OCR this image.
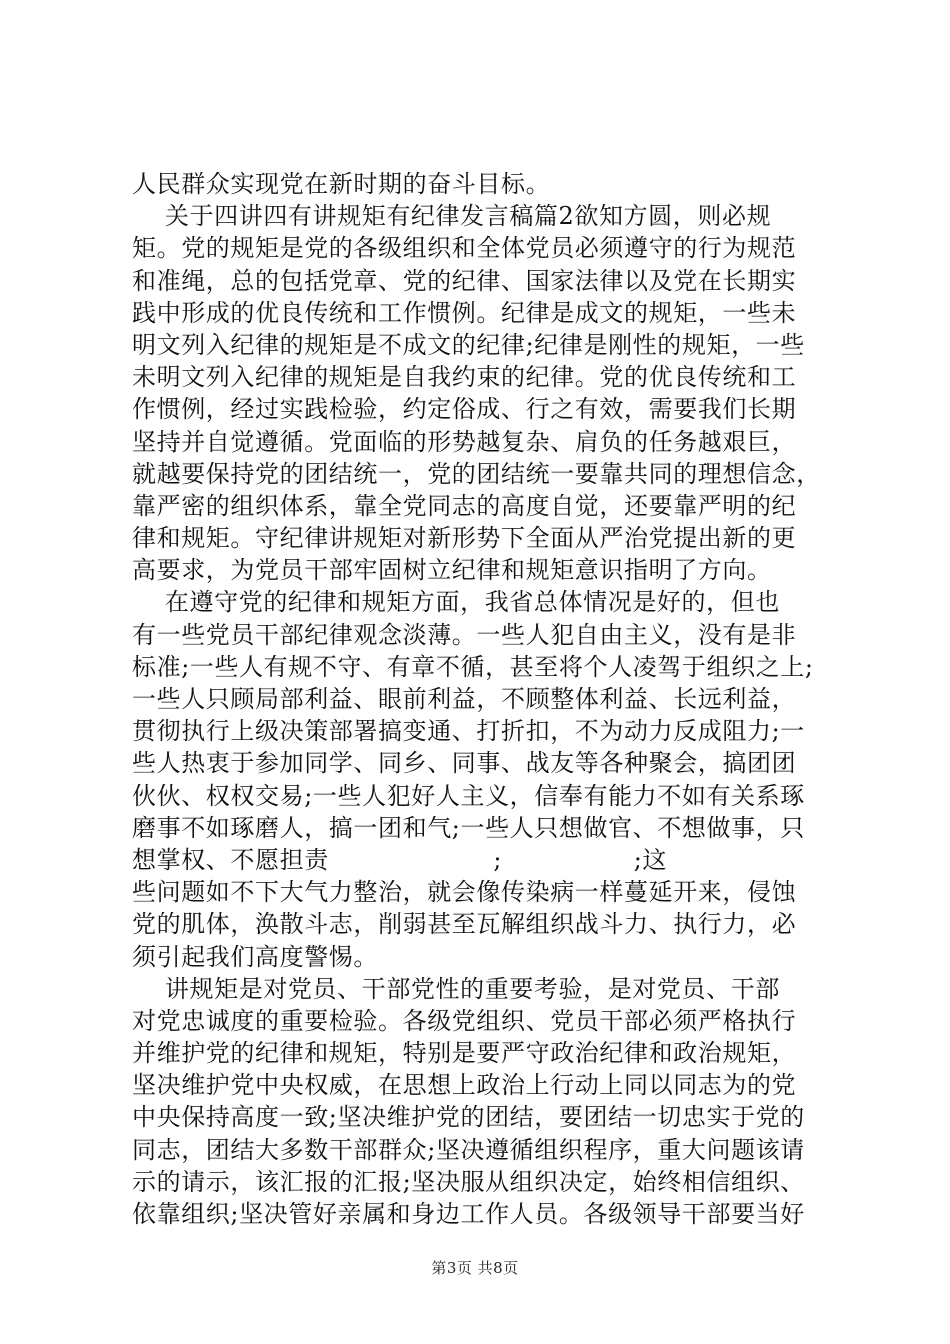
人民群众实现党在新时期的奋斗目标。
关于四讲四有讲规矩有纪律发言稿篇2欲知方圆，则必规
矩。党的规矩是党的各级组织和全体党员必须遵守的行为规范
和准绳，总的包括党章、党的纪律、国家法律以及党在长期实
践中形成的优良传统和工作惯例。纪律是成文的规矩，一些未
明文列入纪律的规矩是不成文的纪律;纪律是刚性的规矩，一些
未明文列入纪律的规矩是自我约束的纪律。党的优良传统和工
作惯例，经过实践检验，约定俗成、行之有效，需要我们长期
坚持并自觉遵循。党面临的形势越复杂、肩负的任务越艰巨，
就越要保持党的团结统一，党的团结统一要靠共同的理想信念，
靠严密的组织体系，靠全党同志的高度自觉，还要靠严明的纪
律和规矩。守纪律讲规矩对新形势下全面从严治党提出新的更
高要求，为党员干部牢固树立纪律和规矩意识指明了方向。
在遵守党的纪律和规矩方面，我省总体情况是好的，但也
有一些党员干部纪律观念淡薄。一些人犯自由主义，没有是非
标准;一些人有规不守、有章不循，甚至将个人凌驾于组织之上;
一些人只顾局部利益、眼前利益，不顾整体利益、长远利益，
贯彻执行上级决策部署搞变通、打折扣，不为动力反成阻力;一
些人热衷于参加同学、同乡、同事、战友等各种聚会，搞团团
伙伙、权权交易;一些人犯好人主义，信奉有能力不如有关系琢
磨事不如琢磨人，搞一团和气;一些人只想做官、不想做事，只
想掌权、不愿担责                    ;                ;这
些问题如不下大气力整治，就会像传染病一样蔓延开来，侵蚀
党的肌体，涣散斗志，削弱甚至瓦解组织战斗力、执行力，必
须引起我们高度警惕。
讲规矩是对党员、干部党性的重要考验，是对党员、干部
对党忠诚度的重要检验。各级党组织、党员干部必须严格执行
并维护党的纪律和规矩，特别是要严守政治纪律和政治规矩，
坚决维护党中央权威，在思想上政治上行动上同以同志为的党
中央保持高度一致;坚决维护党的团结，要团结一切忠实于党的
同志，团结大多数干部群众;坚决遵循组织程序，重大问题该请
示的请示，该汇报的汇报;坚决服从组织决定，始终相信组织、
依靠组织;坚决管好亲属和身边工作人员。各级领导干部要当好
第3页 共8页
